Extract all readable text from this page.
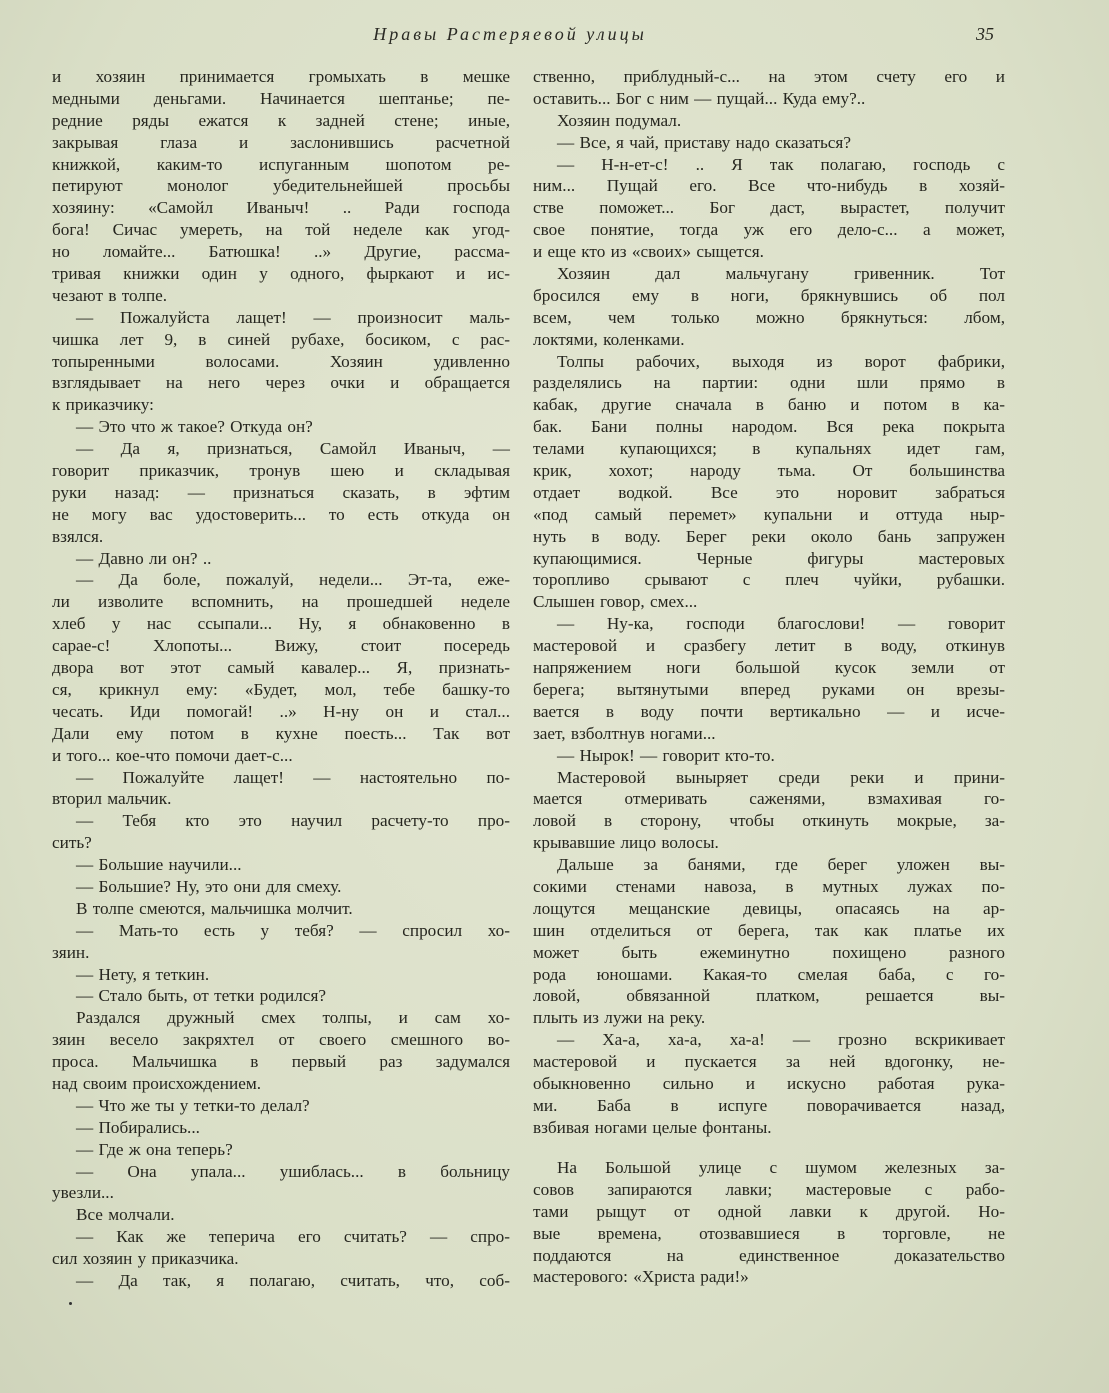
Нравы Растеряевой улицы	35
и хозяин принимается громыхать в мешке
медными деньгами. Начинается шептанье; пе-
редние ряды ежатся к задней стене; иные,
закрывая глаза и заслонившись расчетной
книжкой, каким-то испуганным шопотом ре-
петируют монолог убедительнейшей просьбы
хозяину: «Самойл Иваныч! .. Ради господа
бога! Сичас умереть, на той неделе как угод-
но ломайте... Батюшка! ..» Другие, рассма-
тривая книжки один у одного, фыркают и ис-
чезают в толпе.
— Пожалуйста лащет! — произносит маль-
чишка лет 9, в синей рубахе, босиком, с рас-
топыренными волосами. Хозяин удивленно
взглядывает на него через очки и обращается
к приказчику:
— Это что ж такое? Откуда он?
— Да я, признаться, Самойл Иваныч, —
говорит приказчик, тронув шею и складывая
руки назад: — признаться сказать, в эфтим
не могу вас удостоверить... то есть откуда он
взялся.
— Давно ли он? ..
— Да боле, пожалуй, недели... Эт-та, еже-
ли изволите вспомнить, на прошедшей неделе
хлеб у нас ссыпали... Ну, я обнаковенно в
сарае-с! Хлопоты... Вижу, стоит посередь
двора вот этот самый кавалер... Я, признать-
ся, крикнул ему: «Будет, мол, тебе башку-то
чесать. Иди помогай! ..» Н-ну он и стал...
Дали ему потом в кухне поесть... Так вот
и того... кое-что помочи дает-с...
— Пожалуйте лащет! — настоятельно по-
вторил мальчик.
— Тебя кто это научил расчету-то про-
сить?
— Большие научили...
— Большие? Ну, это они для смеху.
В толпе смеются, мальчишка молчит.
— Мать-то есть у тебя? — спросил хо-
зяин.
— Нету, я теткин.
— Стало быть, от тетки родился?
Раздался дружный смех толпы, и сам хо-
зяин весело закряхтел от своего смешного во-
проса. Мальчишка в первый раз задумался
над своим происхождением.
— Что же ты у тетки-то делал?
— Побирались...
— Где ж она теперь?
— Она упала... ушиблась... в больницу
увезли...
Все молчали.
— Как же теперича его считать? — спро-
сил хозяин у приказчика.
— Да так, я полагаю, считать, что, соб-
ственно, приблудный-с... на этом счету его и
оставить... Бог с ним — пущай... Куда ему?..
Хозяин подумал.
— Все, я чай, приставу надо сказаться?
— Н-н-ет-с! .. Я так полагаю, господь с
ним... Пущай его. Все что-нибудь в хозяй-
стве поможет... Бог даст, вырастет, получит
свое понятие, тогда уж его дело-с... а может,
и еще кто из «своих» сыщется.
Хозяин дал мальчугану гривенник. Тот
бросился ему в ноги, брякнувшись об пол
всем, чем только можно брякнуться: лбом,
локтями, коленками.
Толпы рабочих, выходя из ворот фабрики,
разделялись на партии: одни шли прямо в
кабак, другие сначала в баню и потом в ка-
бак. Бани полны народом. Вся река покрыта
телами купающихся; в купальнях идет гам,
крик, хохот; народу тьма. От большинства
отдает водкой. Все это норовит забраться
«под самый перемет» купальни и оттуда ныр-
нуть в воду. Берег реки около бань запружен
купающимися. Черные фигуры мастеровых
торопливо срывают с плеч чуйки, рубашки.
Слышен говор, смех...
— Ну-ка, господи благослови! — говорит
мастеровой и сразбегу летит в воду, откинув
напряжением ноги большой кусок земли от
берега; вытянутыми вперед руками он врезы-
вается в воду почти вертикально — и исче-
зает, взболтнув ногами...
— Нырок! — говорит кто-то.
Мастеровой выныряет среди реки и прини-
мается отмеривать саженями, взмахивая го-
ловой в сторону, чтобы откинуть мокрые, за-
крывавшие лицо волосы.
Дальше за банями, где берег уложен вы-
сокими стенами навоза, в мутных лужах по-
лощутся мещанские девицы, опасаясь на ар-
шин отделиться от берега, так как платье их
может быть ежеминутно похищено разного
рода юношами. Какая-то смелая баба, с го-
ловой, обвязанной платком, решается вы-
плыть из лужи на реку.
— Ха-а, ха-а, ха-а! — грозно вскрикивает
мастеровой и пускается за ней вдогонку, не-
обыкновенно сильно и искусно работая рука-
ми. Баба в испуге поворачивается назад,
взбивая ногами целые фонтаны.
На Большой улице с шумом железных за-
совов запираются лавки; мастеровые с рабо-
тами рыщут от одной лавки к другой. Но-
вые времена, отозвавшиеся в торговле, не
поддаются на единственное доказательство
мастерового: «Христа ради!»
